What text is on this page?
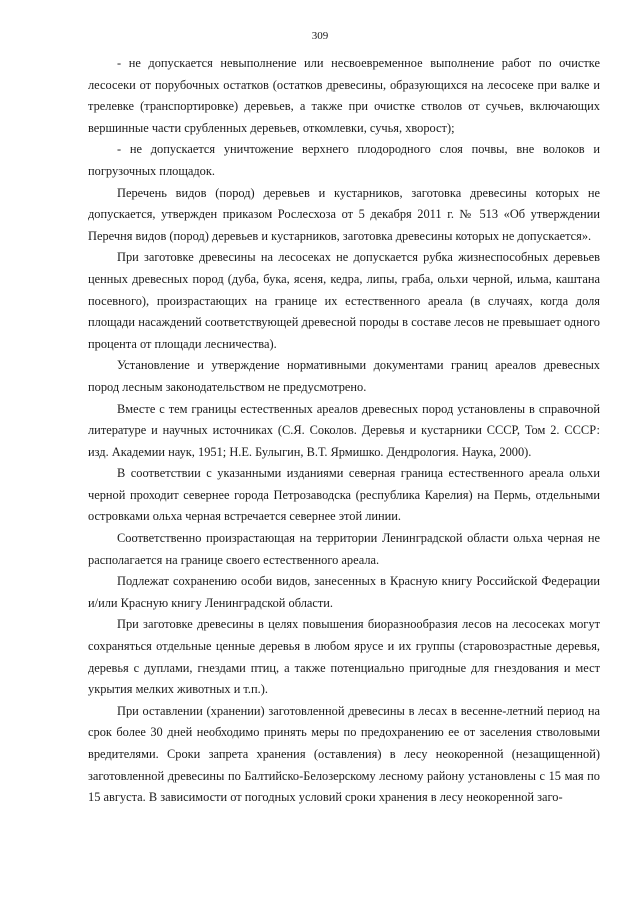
309

- не допускается невыполнение или несвоевременное выполнение работ по очистке лесосеки от порубочных остатков (остатков древесины, образующихся на лесосеке при валке и трелевке (транспортировке) деревьев, а также при очистке стволов от сучьев, включающих вершинные части срубленных деревьев, откомлевки, сучья, хворост);

- не допускается уничтожение верхнего плодородного слоя почвы, вне волоков и погрузочных площадок.

Перечень видов (пород) деревьев и кустарников, заготовка древесины которых не допускается, утвержден приказом Рослесхоза от 5 декабря 2011 г. № 513 «Об утверждении Перечня видов (пород) деревьев и кустарников, заготовка древесины которых не допускается».

При заготовке древесины на лесосеках не допускается рубка жизнеспособных деревьев ценных древесных пород (дуба, бука, ясеня, кедра, липы, граба, ольхи черной, ильма, каштана посевного), произрастающих на границе их естественного ареала (в случаях, когда доля площади насаждений соответствующей древесной породы в составе лесов не превышает одного процента от площади лесничества).

Установление и утверждение нормативными документами границ ареалов древесных пород лесным законодательством не предусмотрено.

Вместе с тем границы естественных ареалов древесных пород установлены в справочной литературе и научных источниках (С.Я. Соколов. Деревья и кустарники СССР, Том 2. СССР: изд. Академии наук, 1951; Н.Е. Булыгин, В.Т. Ярмишко. Дендрология. Наука, 2000).

В соответствии с указанными изданиями северная граница естественного ареала ольхи черной проходит севернее города Петрозаводска (республика Карелия) на Пермь, отдельными островками ольха черная встречается севернее этой линии.

Соответственно произрастающая на территории Ленинградской области ольха черная не располагается на границе своего естественного ареала.

Подлежат сохранению особи видов, занесенных в Красную книгу Российской Федерации и/или Красную книгу Ленинградской области.

При заготовке древесины в целях повышения биоразнообразия лесов на лесосеках могут сохраняться отдельные ценные деревья в любом ярусе и их группы (старовозрастные деревья, деревья с дуплами, гнездами птиц, а также потенциально пригодные для гнездования и мест укрытия мелких животных и т.п.).

При оставлении (хранении) заготовленной древесины в лесах в весенне-летний период на срок более 30 дней необходимо принять меры по предохранению ее от заселения стволовыми вредителями. Сроки запрета хранения (оставления) в лесу неокоренной (незащищенной) заготовленной древесины по Балтийско-Белозерскому лесному району установлены с 15 мая по 15 августа. В зависимости от погодных условий сроки хранения в лесу неокоренной заго-
